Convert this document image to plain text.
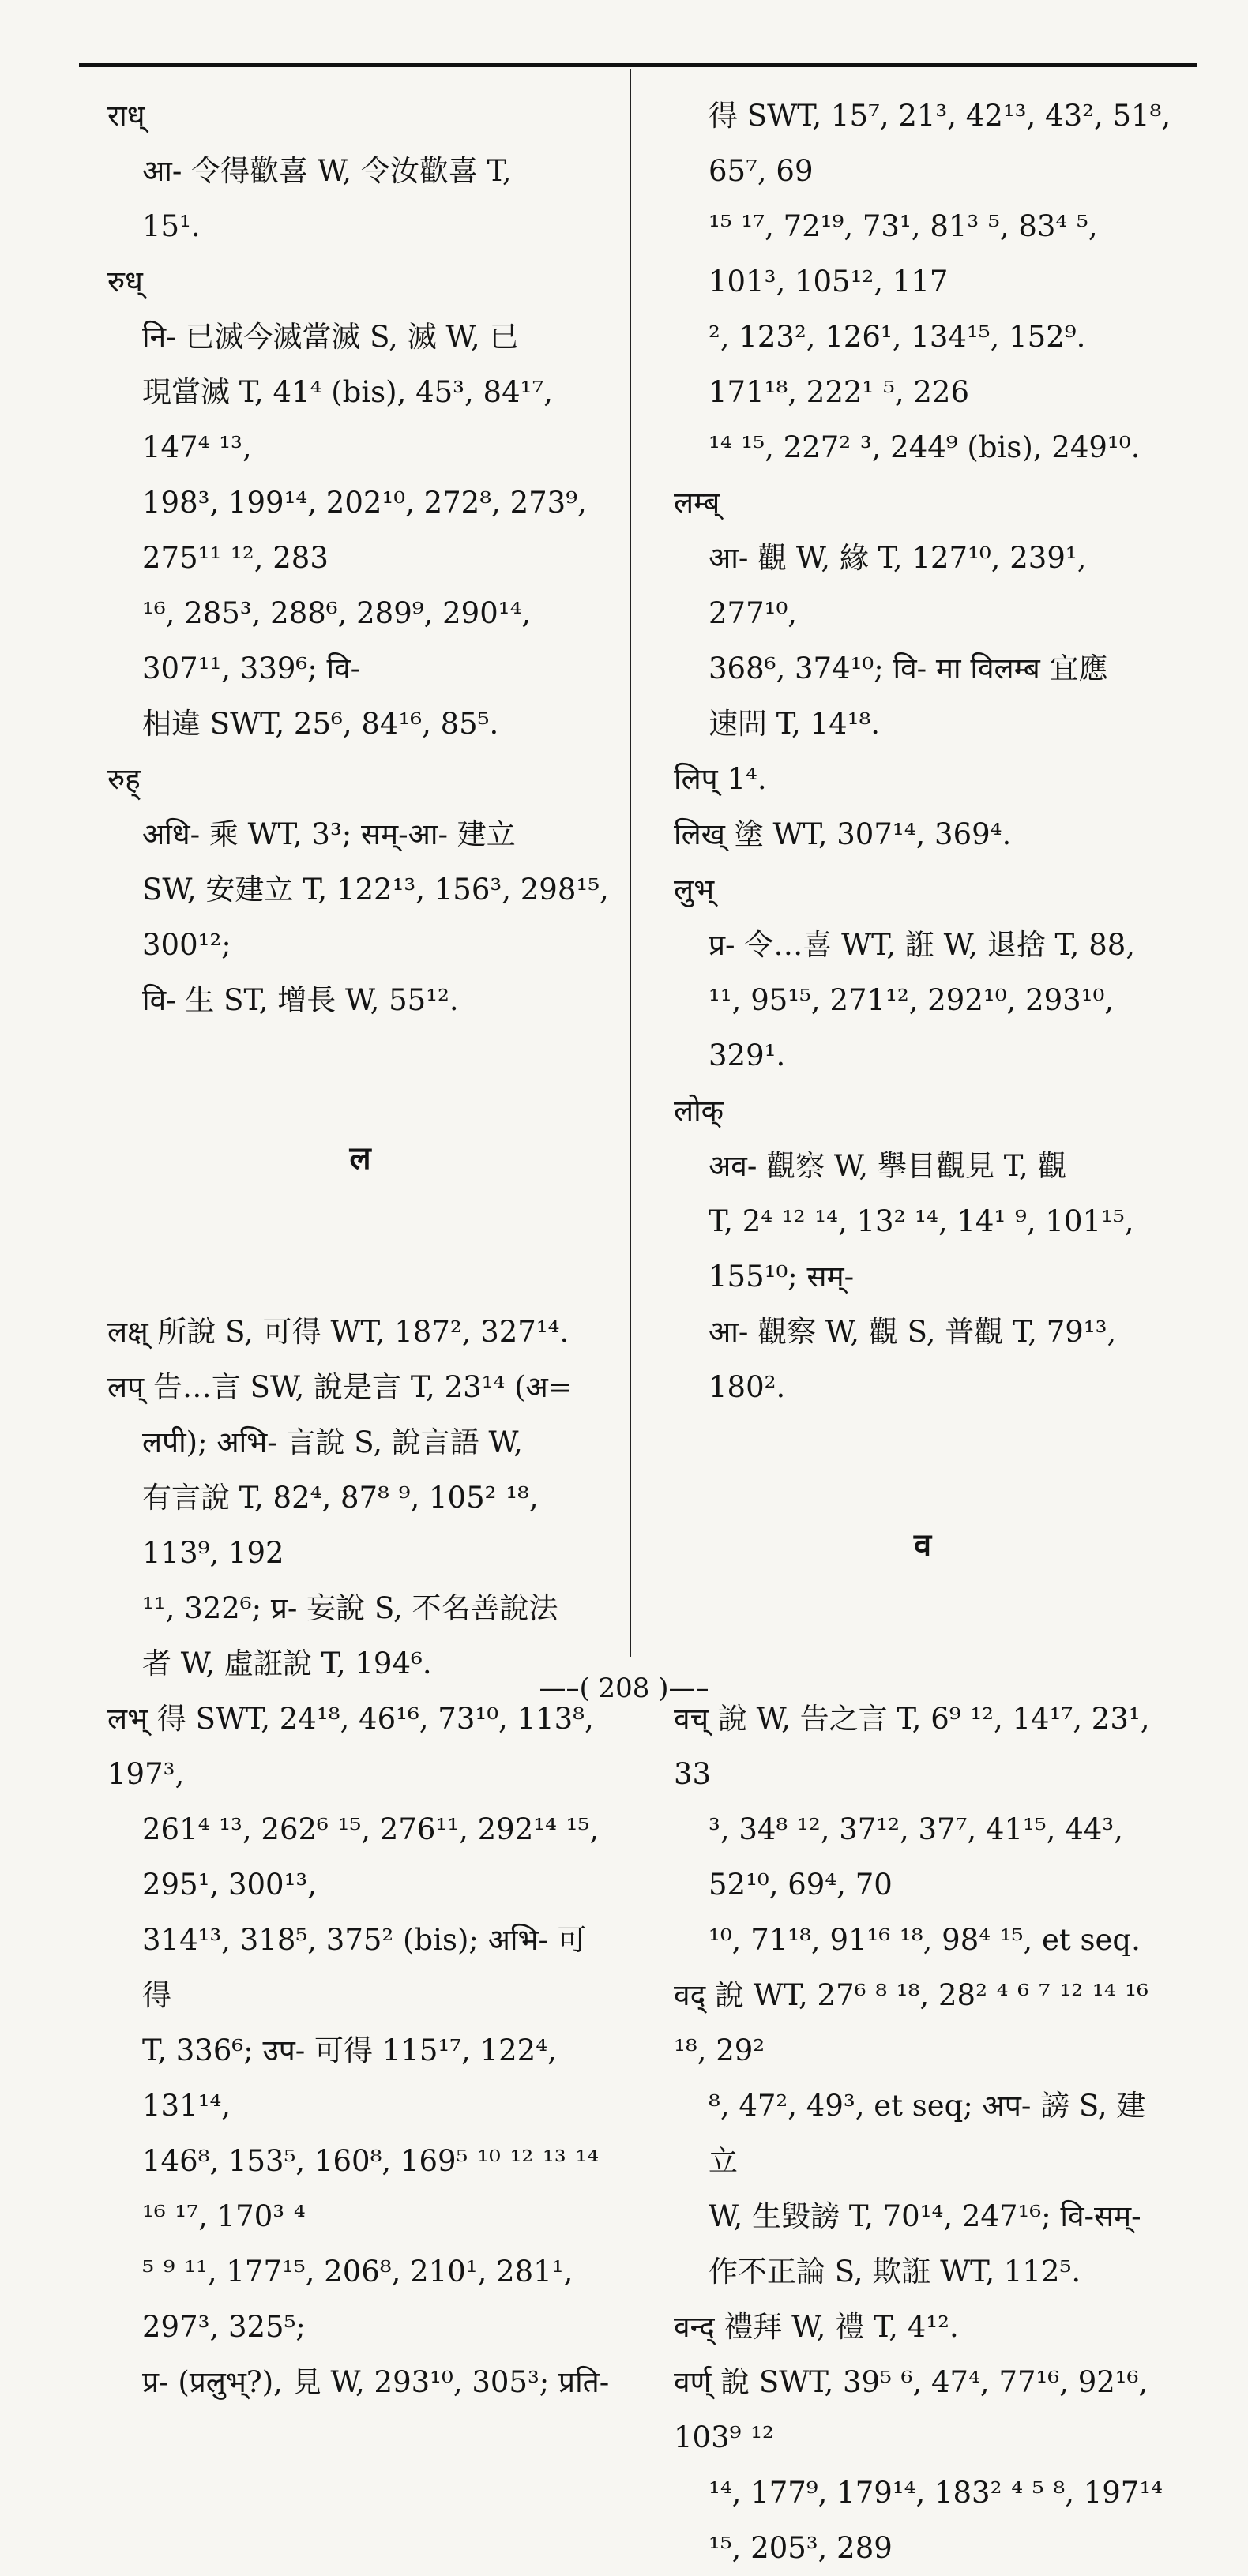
राध्
आ- 令得歡喜 W, 令汝歡喜 T,
15¹.
रुध्
नि- 已滅今滅當滅 S, 滅 W, 已
現當滅 T, 41⁴ (bis), 45³, 84¹⁷, 147⁴ ¹³,
198³, 199¹⁴, 202¹⁰, 272⁸, 273⁹, 275¹¹ ¹², 283
¹⁶, 285³, 288⁶, 289⁹, 290¹⁴, 307¹¹, 339⁶; वि-
相違 SWT, 25⁶, 84¹⁶, 85⁵.
रुह्
अधि- 乘 WT, 3³; सम्-आ- 建立
SW, 安建立 T, 122¹³, 156³, 298¹⁵, 300¹²;
वि- 生 ST, 增長 W, 55¹².
ल
लक्ष् 所說 S, 可得 WT, 187², 327¹⁴.
लप् 告…言 SW, 說是言 T, 23¹⁴ (अ=
लपी); अभि- 言說 S, 說言語 W,
有言說 T, 82⁴, 87⁸ ⁹, 105² ¹⁸, 113⁹, 192
¹¹, 322⁶; प्र- 妄說 S, 不名善說法
者 W, 虛誑說 T, 194⁶.
लभ् 得 SWT, 24¹⁸, 46¹⁶, 73¹⁰, 113⁸, 197³,
261⁴ ¹³, 262⁶ ¹⁵, 276¹¹, 292¹⁴ ¹⁵, 295¹, 300¹³,
314¹³, 318⁵, 375² (bis); अभि- 可得
T, 336⁶; उप- 可得 115¹⁷, 122⁴, 131¹⁴,
146⁸, 153⁵, 160⁸, 169⁵ ¹⁰ ¹² ¹³ ¹⁴ ¹⁶ ¹⁷, 170³ ⁴
⁵ ⁹ ¹¹, 177¹⁵, 206⁸, 210¹, 281¹, 297³, 325⁵;
प्र- (प्रलुभ्?), 見 W, 293¹⁰, 305³; प्रति-
得 SWT, 15⁷, 21³, 42¹³, 43², 51⁸, 65⁷, 69
¹⁵ ¹⁷, 72¹⁹, 73¹, 81³ ⁵, 83⁴ ⁵, 101³, 105¹², 117
², 123², 126¹, 134¹⁵, 152⁹. 171¹⁸, 222¹ ⁵, 226
¹⁴ ¹⁵, 227² ³, 244⁹ (bis), 249¹⁰.
लम्ब्
आ- 觀 W, 緣 T, 127¹⁰, 239¹, 277¹⁰,
368⁶, 374¹⁰; वि- मा विलम्ब 宜應
速問 T, 14¹⁸.
लिप् 1⁴.
लिख् 塗 WT, 307¹⁴, 369⁴.
लुभ्
प्र- 令…喜 WT, 誑 W, 退捨 T, 88,
¹¹, 95¹⁵, 271¹², 292¹⁰, 293¹⁰, 329¹.
लोक्
अव- 觀察 W, 擧目觀見 T, 觀
T, 2⁴ ¹² ¹⁴, 13² ¹⁴, 14¹ ⁹, 101¹⁵, 155¹⁰; सम्-
आ- 觀察 W, 觀 S, 普觀 T, 79¹³,
180².
व
वच् 說 W, 告之言 T, 6⁹ ¹², 14¹⁷, 23¹, 33
³, 34⁸ ¹², 37¹², 37⁷, 41¹⁵, 44³, 52¹⁰, 69⁴, 70
¹⁰, 71¹⁸, 91¹⁶ ¹⁸, 98⁴ ¹⁵, et seq.
वद् 說 WT, 27⁶ ⁸ ¹⁸, 28² ⁴ ⁶ ⁷ ¹² ¹⁴ ¹⁶ ¹⁸, 29²
⁸, 47², 49³, et seq; अप- 謗 S, 建立
W, 生毀謗 T, 70¹⁴, 247¹⁶; वि-सम्-
作不正論 S, 欺誑 WT, 112⁵.
वन्द् 禮拜 W, 禮 T, 4¹².
वर्ण् 說 SWT, 39⁵ ⁶, 47⁴, 77¹⁶, 92¹⁶, 103⁹ ¹²
¹⁴, 177⁹, 179¹⁴, 183² ⁴ ⁵ ⁸, 197¹⁴ ¹⁵, 205³, 289
—–( 208 )—–
